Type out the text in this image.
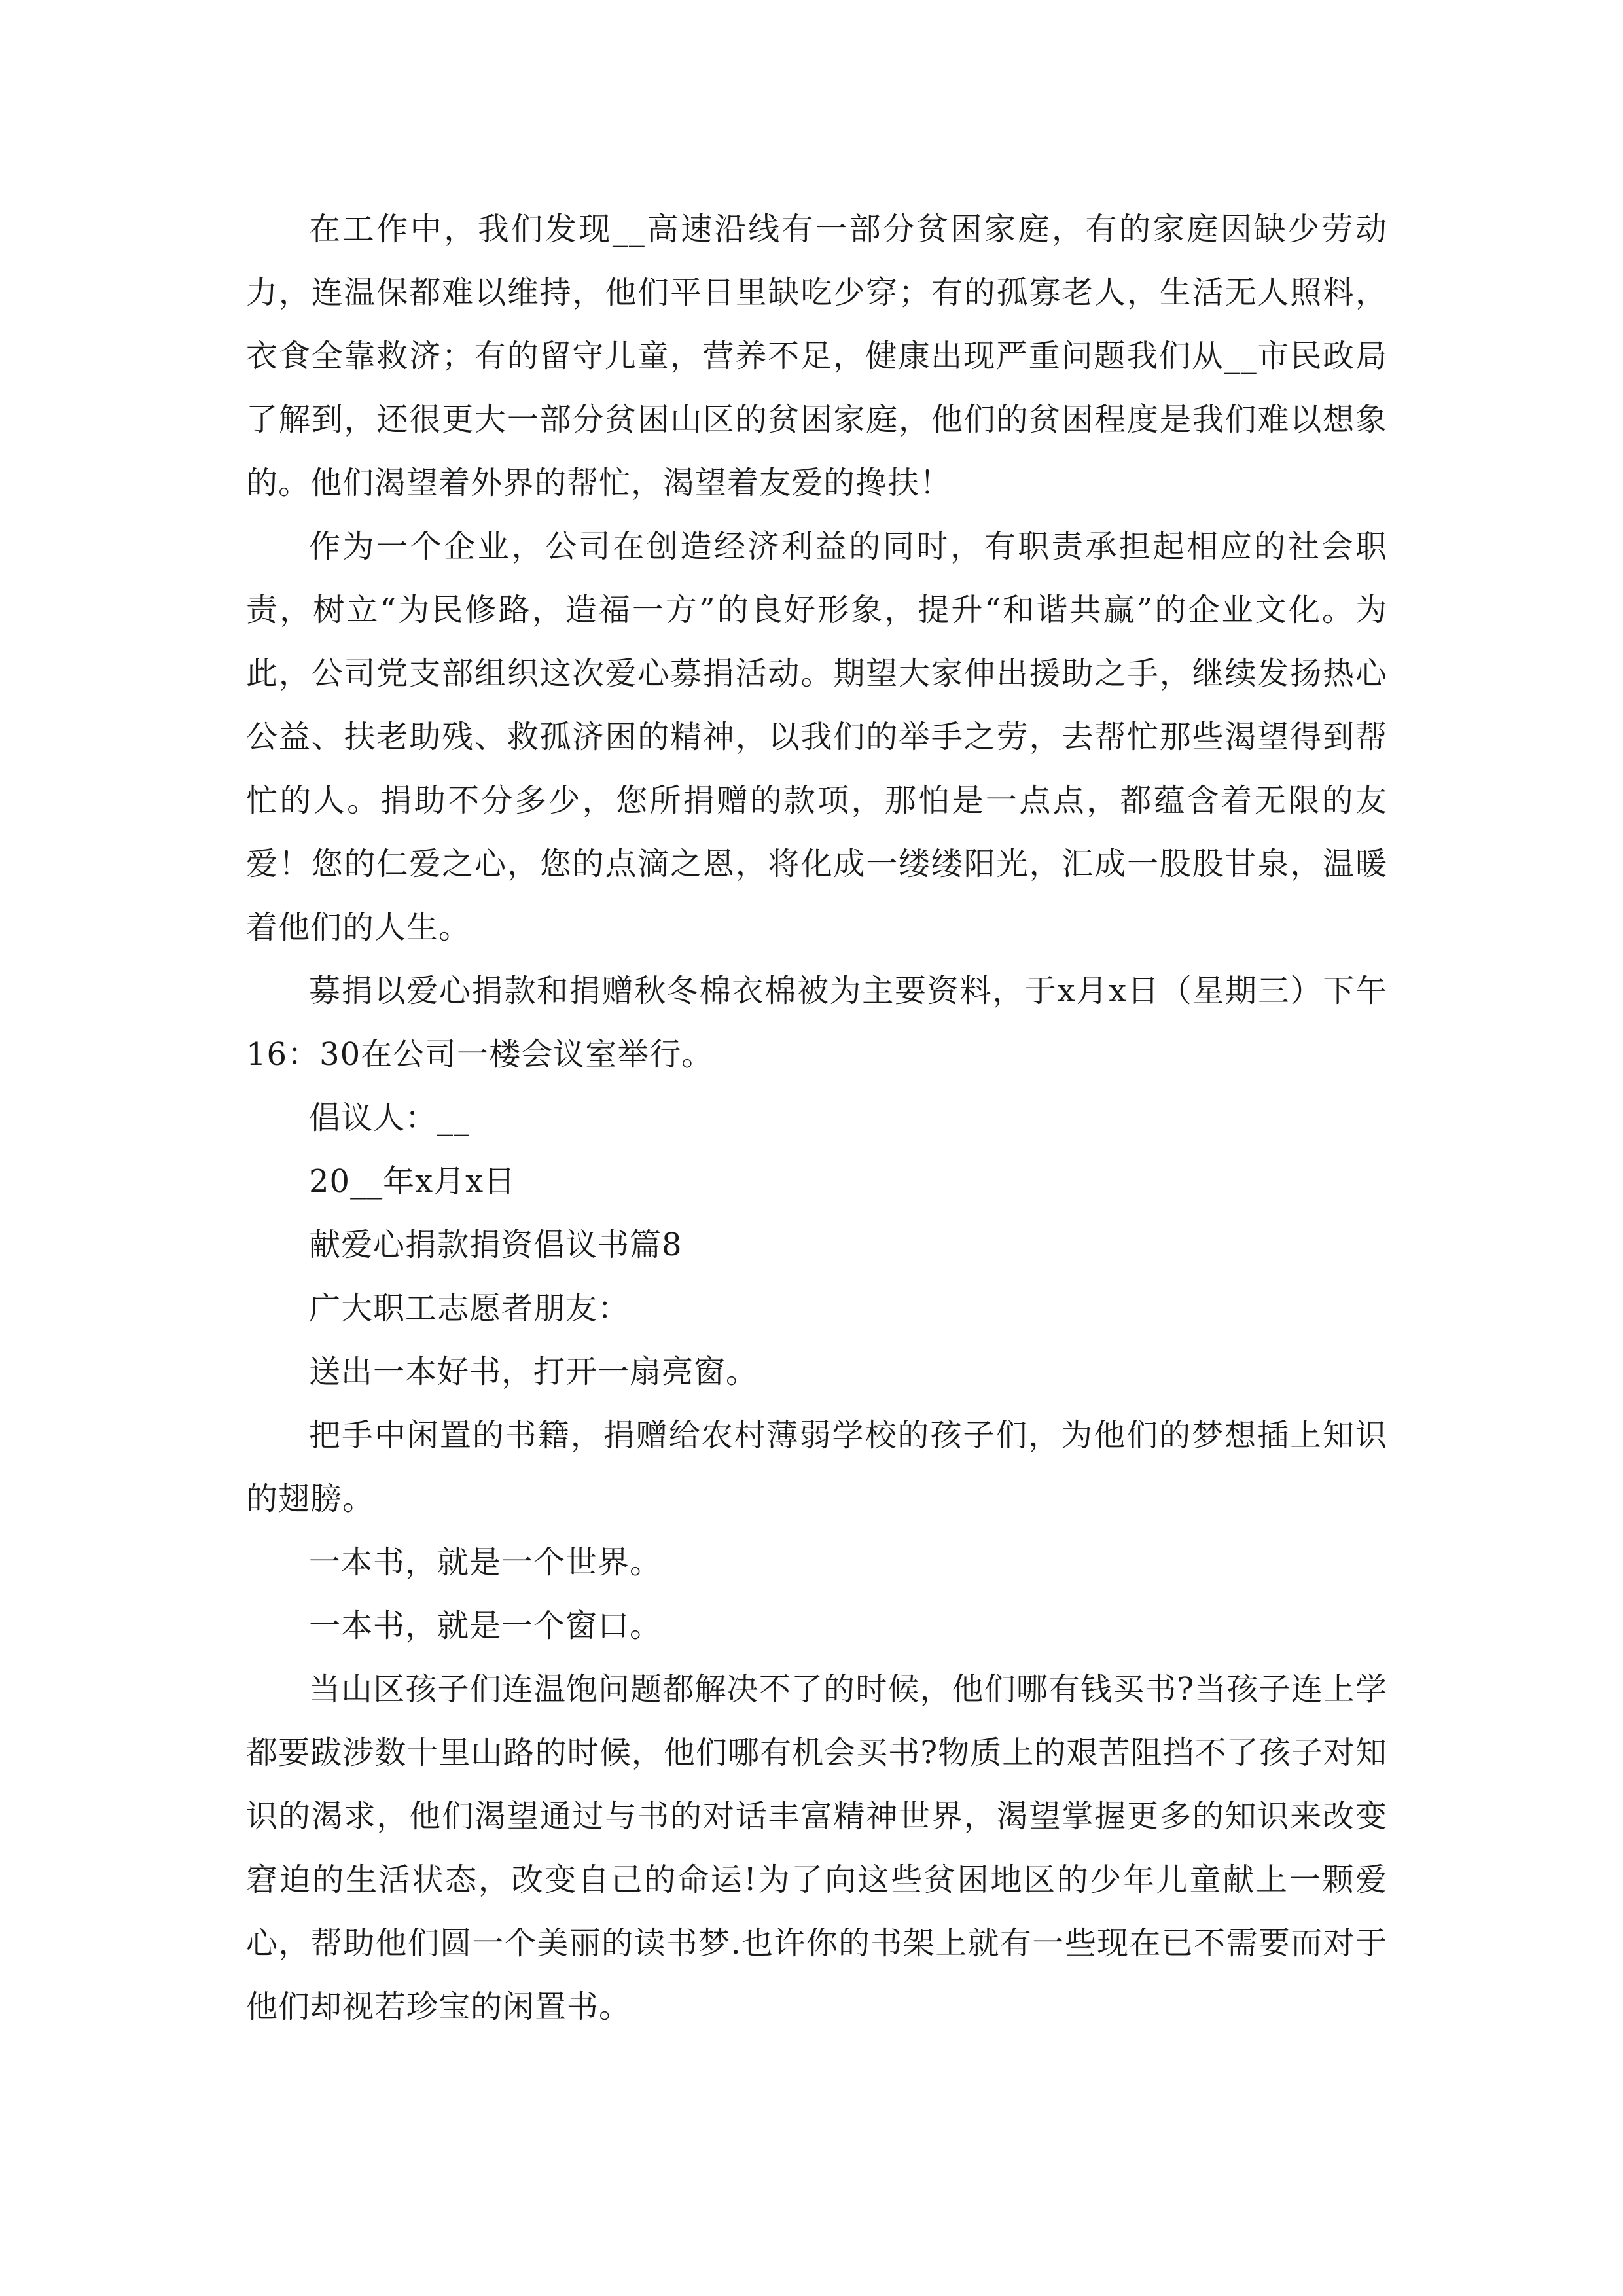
在工作中，我们发现__高速沿线有一部分贫困家庭，有的家庭因缺少劳动力，连温保都难以维持，他们平日里缺吃少穿；有的孤寡老人，生活无人照料，衣食全靠救济；有的留守儿童，营养不足，健康出现严重问题我们从__市民政局了解到，还很更大一部分贫困山区的贫困家庭，他们的贫困程度是我们难以想象的。他们渴望着外界的帮忙，渴望着友爱的搀扶！

作为一个企业，公司在创造经济利益的同时，有职责承担起相应的社会职责，树立“为民修路，造福一方”的良好形象，提升“和谐共赢”的企业文化。为此，公司党支部组织这次爱心募捐活动。期望大家伸出援助之手，继续发扬热心公益、扶老助残、救孤济困的精神，以我们的举手之劳，去帮忙那些渴望得到帮忙的人。捐助不分多少，您所捐赠的款项，那怕是一点点，都蕴含着无限的友爱！您的仁爱之心，您的点滴之恩，将化成一缕缕阳光，汇成一股股甘泉，温暖着他们的人生。

募捐以爱心捐款和捐赠秋冬棉衣棉被为主要资料，于x月x日（星期三）下午16：30在公司一楼会议室举行。

倡议人：__

20__年x月x日

献爱心捐款捐资倡议书篇8

广大职工志愿者朋友：

送出一本好书，打开一扇亮窗。

把手中闲置的书籍，捐赠给农村薄弱学校的孩子们，为他们的梦想插上知识的翅膀。

一本书，就是一个世界。

一本书，就是一个窗口。

当山区孩子们连温饱问题都解决不了的时候，他们哪有钱买书?当孩子连上学都要跋涉数十里山路的时候，他们哪有机会买书?物质上的艰苦阻挡不了孩子对知识的渴求，他们渴望通过与书的对话丰富精神世界，渴望掌握更多的知识来改变窘迫的生活状态，改变自己的命运!为了向这些贫困地区的少年儿童献上一颗爱心，帮助他们圆一个美丽的读书梦.也许你的书架上就有一些现在已不需要而对于他们却视若珍宝的闲置书。
